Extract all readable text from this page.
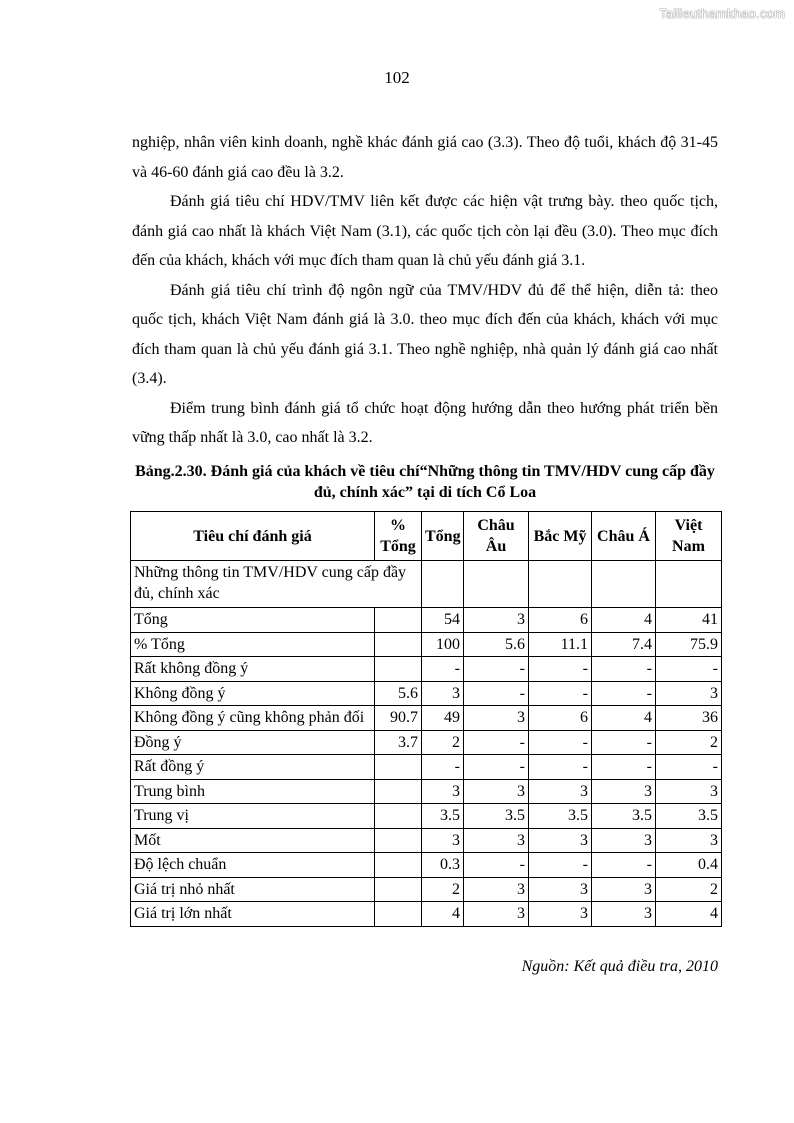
Tailieuthamkhao.com
102

nghiệp, nhân viên kinh doanh, nghề khác đánh giá cao (3.3). Theo độ tuổi, khách độ 31-45 và 46-60 đánh giá cao đều là 3.2.

Đánh giá tiêu chí HDV/TMV liên kết được các hiện vật trưng bày. theo quốc tịch, đánh giá cao nhất là khách Việt Nam (3.1), các quốc tịch còn lại đều (3.0). Theo mục đích đến của khách, khách với mục đích tham quan là chủ yếu đánh giá 3.1.

Đánh giá tiêu chí trình độ ngôn ngữ của TMV/HDV đủ để thể hiện, diễn tả: theo quốc tịch, khách Việt Nam đánh giá là 3.0. theo mục đích đến của khách, khách với mục đích tham quan là chủ yếu đánh giá 3.1. Theo nghề nghiệp, nhà quản lý đánh giá cao nhất (3.4).

Điểm trung bình đánh giá tổ chức hoạt động hướng dẫn theo hướng phát triển bền vững thấp nhất là 3.0, cao nhất là 3.2.

Bảng.2.30. Đánh giá của khách về tiêu chí“Những thông tin TMV/HDV cung cấp đầy đủ, chính xác” tại di tích Cổ Loa
Tiêu chí đánh giá	% Tổng	Tổng	Châu Âu	Bắc Mỹ	Châu Á	Việt Nam
Những thông tin TMV/HDV cung cấp đầy đủ, chính xác						
Tổng		54	3	6	4	41
% Tổng		100	5.6	11.1	7.4	75.9
Rất không đồng ý		-	-	-	-	-
Không đồng ý	5.6	3	-	-	-	3
Không đồng ý cũng không phản đối	90.7	49	3	6	4	36
Đồng ý	3.7	2	-	-	-	2
Rất đồng ý		-	-	-	-	-
Trung bình		3	3	3	3	3
Trung vị		3.5	3.5	3.5	3.5	3.5
Mốt		3	3	3	3	3
Độ lệch chuẩn		0.3	-	-	-	0.4
Giá trị nhỏ nhất		2	3	3	3	2
Giá trị lớn nhất		4	3	3	3	4
Nguồn: Kết quả điều tra, 2010
